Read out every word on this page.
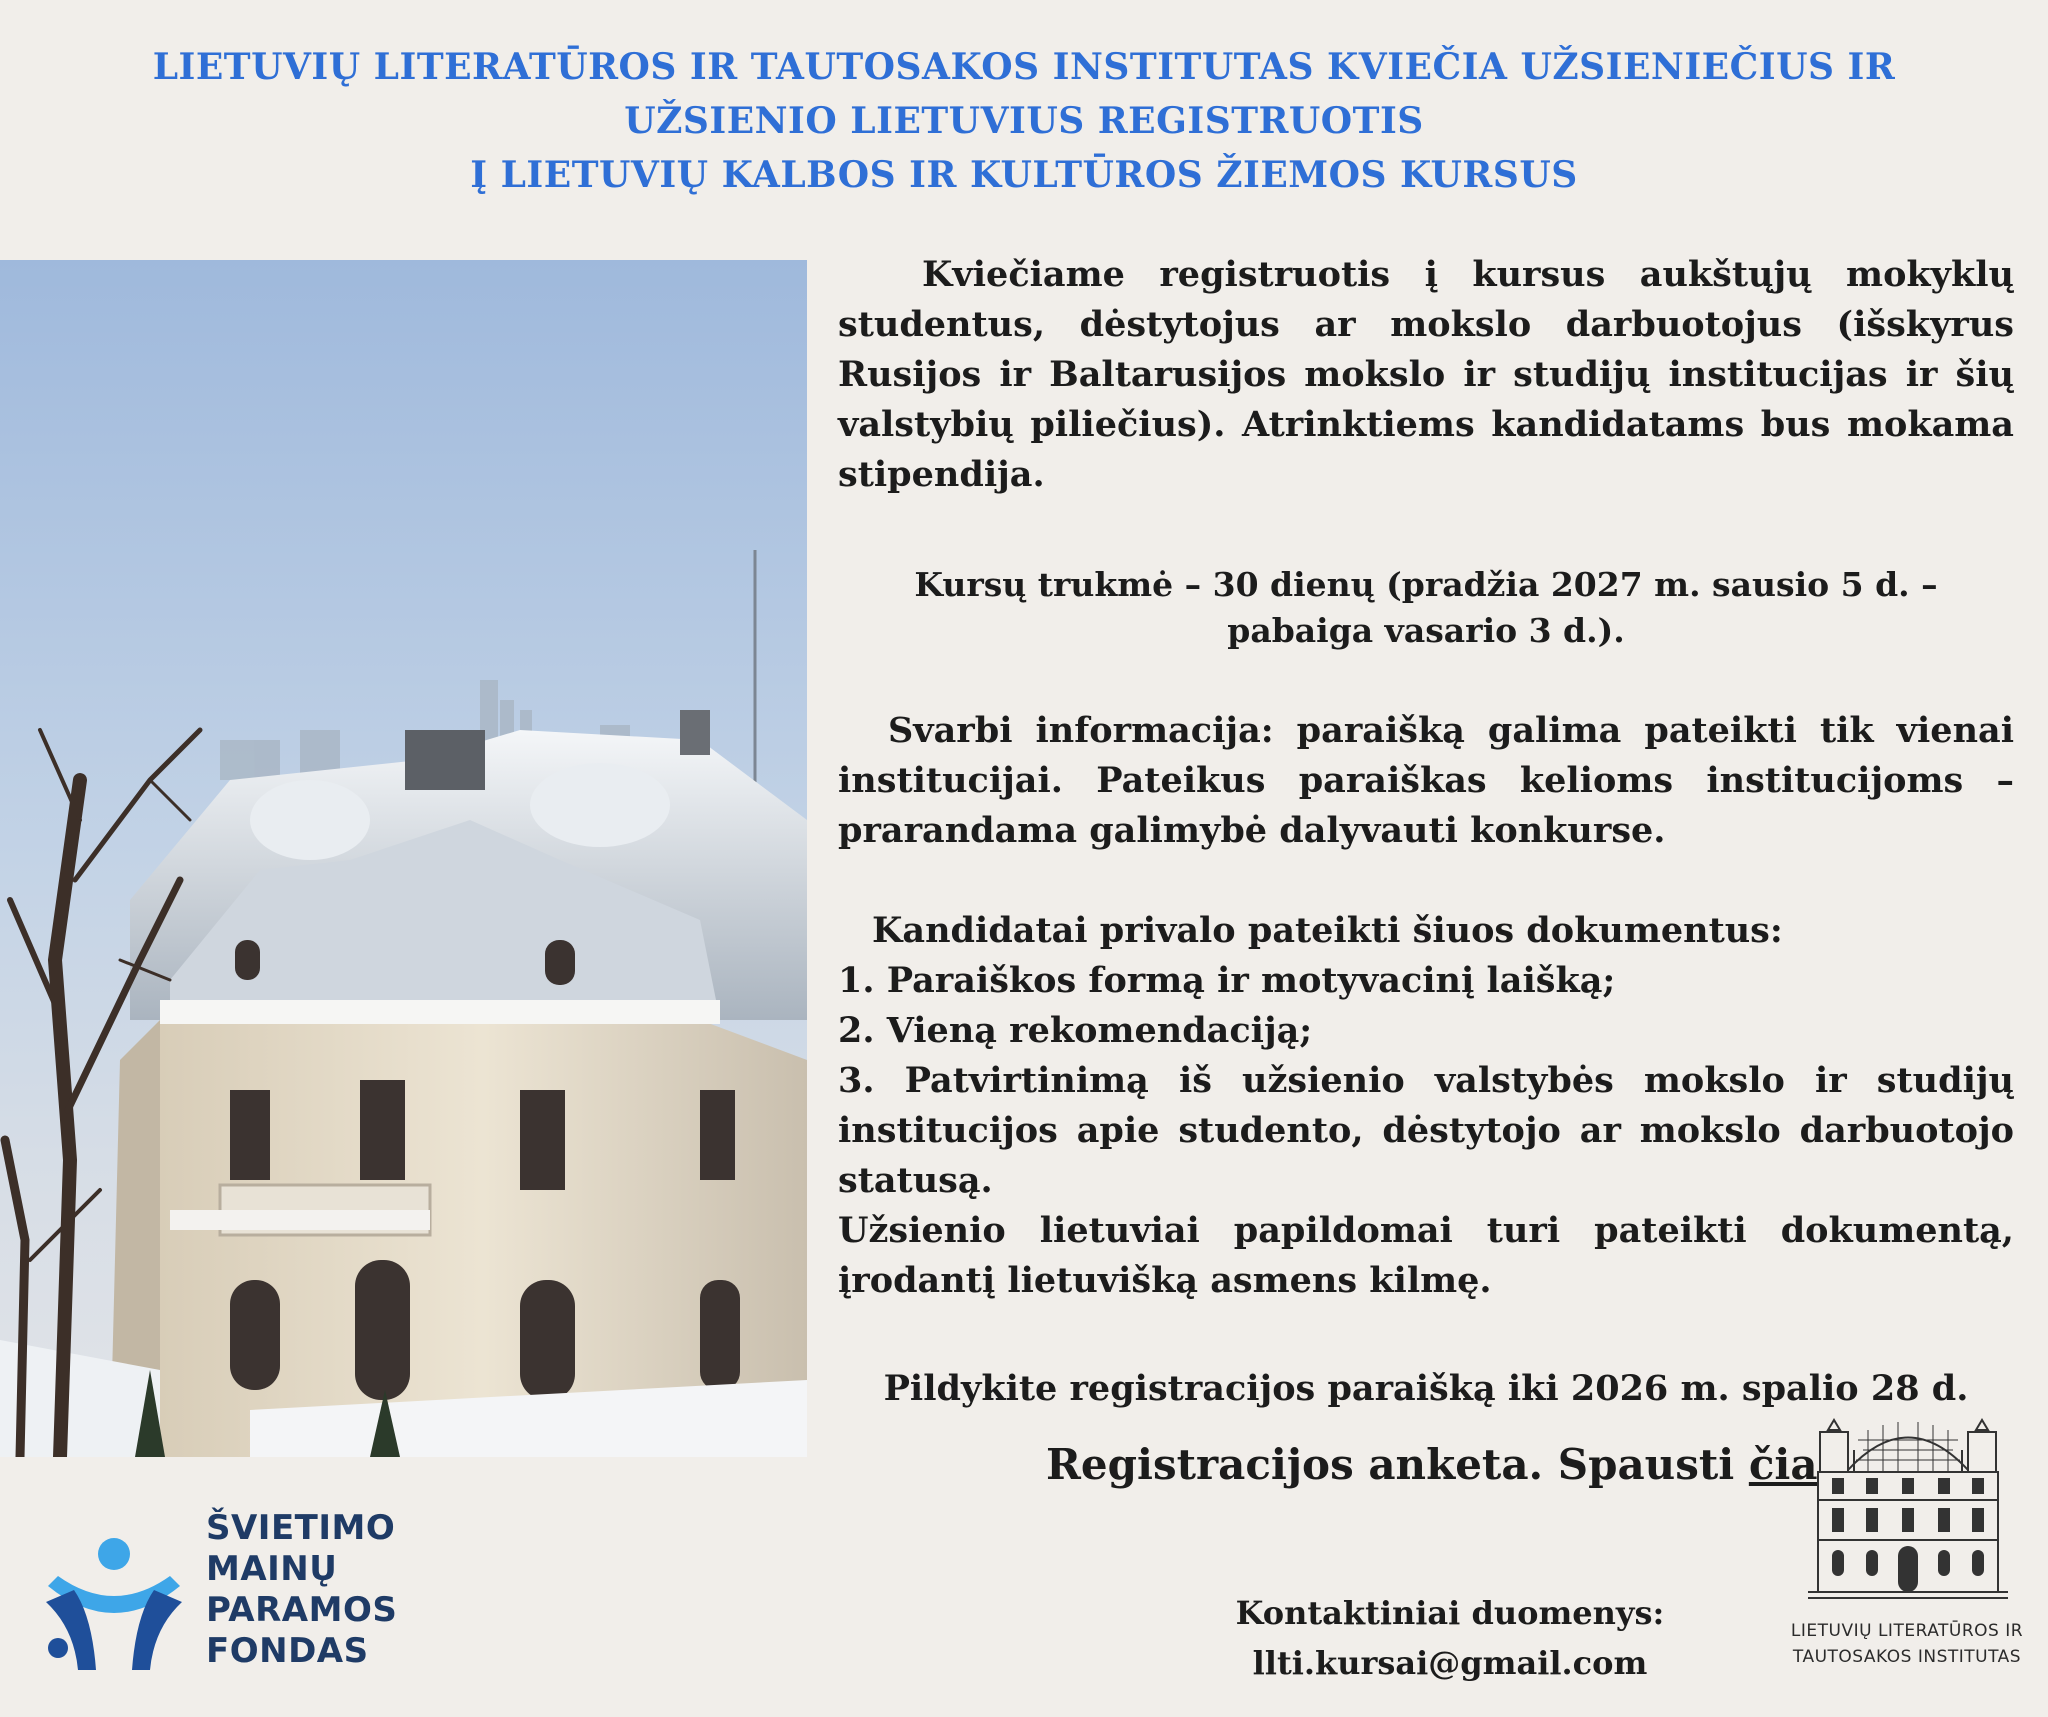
LIETUVIŲ LITERATŪROS IR TAUTOSAKOS INSTITUTAS KVIEČIA UŽSIENIEČIUS IR
UŽSIENIO LIETUVIUS REGISTRUOTIS
Į LIETUVIŲ KALBOS IR KULTŪROS ŽIEMOS KURSUS

Kviečiame registruotis į kursus aukštųjų mokyklų studentus, dėstytojus ar mokslo darbuotojus (išskyrus Rusijos ir Baltarusijos mokslo ir studijų institucijas ir šių valstybių piliečius). Atrinktiems kandidatams bus mokama stipendija.

Kursų trukmė – 30 dienų (pradžia 2027 m. sausio 5 d. –

pabaiga vasario 3 d.).

Svarbi informacija: paraišką galima pateikti tik vienai institucijai. Pateikus paraiškas kelioms institucijoms – prarandama galimybė dalyvauti konkurse.

Kandidatai privalo pateikti šiuos dokumentus:

1. Paraiškos formą ir motyvacinį laišką;

2. Vieną rekomendaciją;

3. Patvirtinimą iš užsienio valstybės mokslo ir studijų institucijos apie studento, dėstytojo ar mokslo darbuotojo statusą.

Užsienio lietuviai papildomai turi pateikti dokumentą, įrodantį lietuvišką asmens kilmę.

Pildykite registracijos paraišką iki 2026 m. spalio 28 d.

Registracijos anketa. Spausti čia
Kontaktiniai duomenys:
llti.kursai@gmail.com
ŠVIETIMO
MAINŲ
PARAMOS
FONDAS	LIETUVIŲ LITERATŪROS IR
TAUTOSAKOS INSTITUTAS
